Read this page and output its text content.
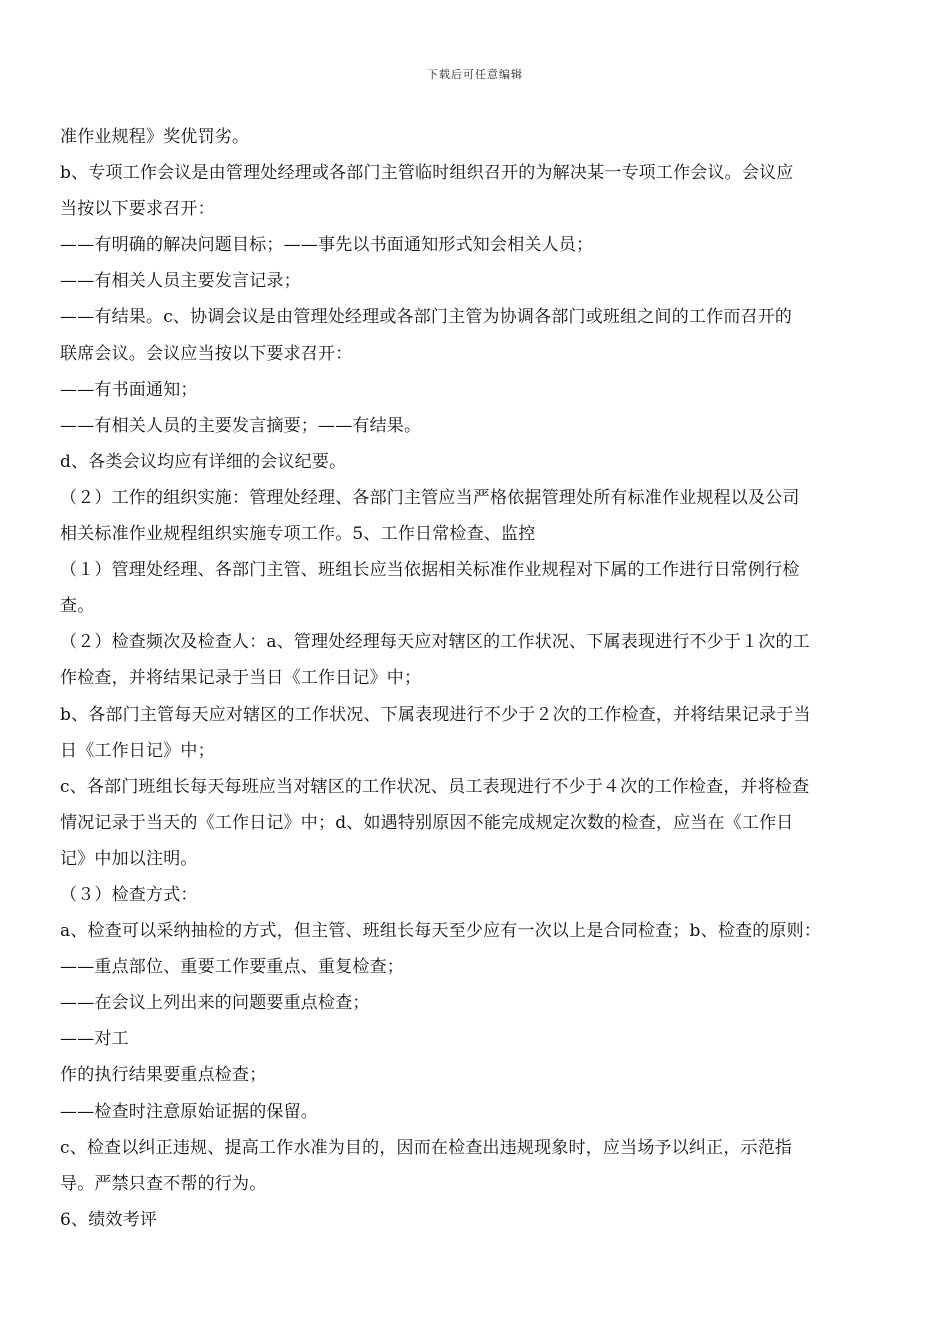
下载后可任意编辑
准作业规程》奖优罚劣。
b、专项工作会议是由管理处经理或各部门主管临时组织召开的为解决某一专项工作会议。会议应
当按以下要求召开：
——有明确的解决问题目标；——事先以书面通知形式知会相关人员；
——有相关人员主要发言记录；
——有结果。c、协调会议是由管理处经理或各部门主管为协调各部门或班组之间的工作而召开的
联席会议。会议应当按以下要求召开：
——有书面通知；
——有相关人员的主要发言摘要；——有结果。
d、各类会议均应有详细的会议纪要。
（２）工作的组织实施：管理处经理、各部门主管应当严格依据管理处所有标准作业规程以及公司
相关标准作业规程组织实施专项工作。5、工作日常检查、监控
（１）管理处经理、各部门主管、班组长应当依据相关标准作业规程对下属的工作进行日常例行检
查。
（２）检查频次及检查人：a、管理处经理每天应对辖区的工作状况、下属表现进行不少于１次的工
作检查，并将结果记录于当日《工作日记》中；
b、各部门主管每天应对辖区的工作状况、下属表现进行不少于２次的工作检查，并将结果记录于当
日《工作日记》中；
c、各部门班组长每天每班应当对辖区的工作状况、员工表现进行不少于４次的工作检查，并将检查
情况记录于当天的《工作日记》中；d、如遇特别原因不能完成规定次数的检查，应当在《工作日
记》中加以注明。
（３）检查方式：
a、检查可以采纳抽检的方式，但主管、班组长每天至少应有一次以上是合同检查；b、检查的原则：
——重点部位、重要工作要重点、重复检查；
——在会议上列出来的问题要重点检查；
——对工
作的执行结果要重点检查；
——检查时注意原始证据的保留。
c、检查以纠正违规、提高工作水准为目的，因而在检查出违规现象时，应当场予以纠正，示范指
导。严禁只查不帮的行为。
6、绩效考评
